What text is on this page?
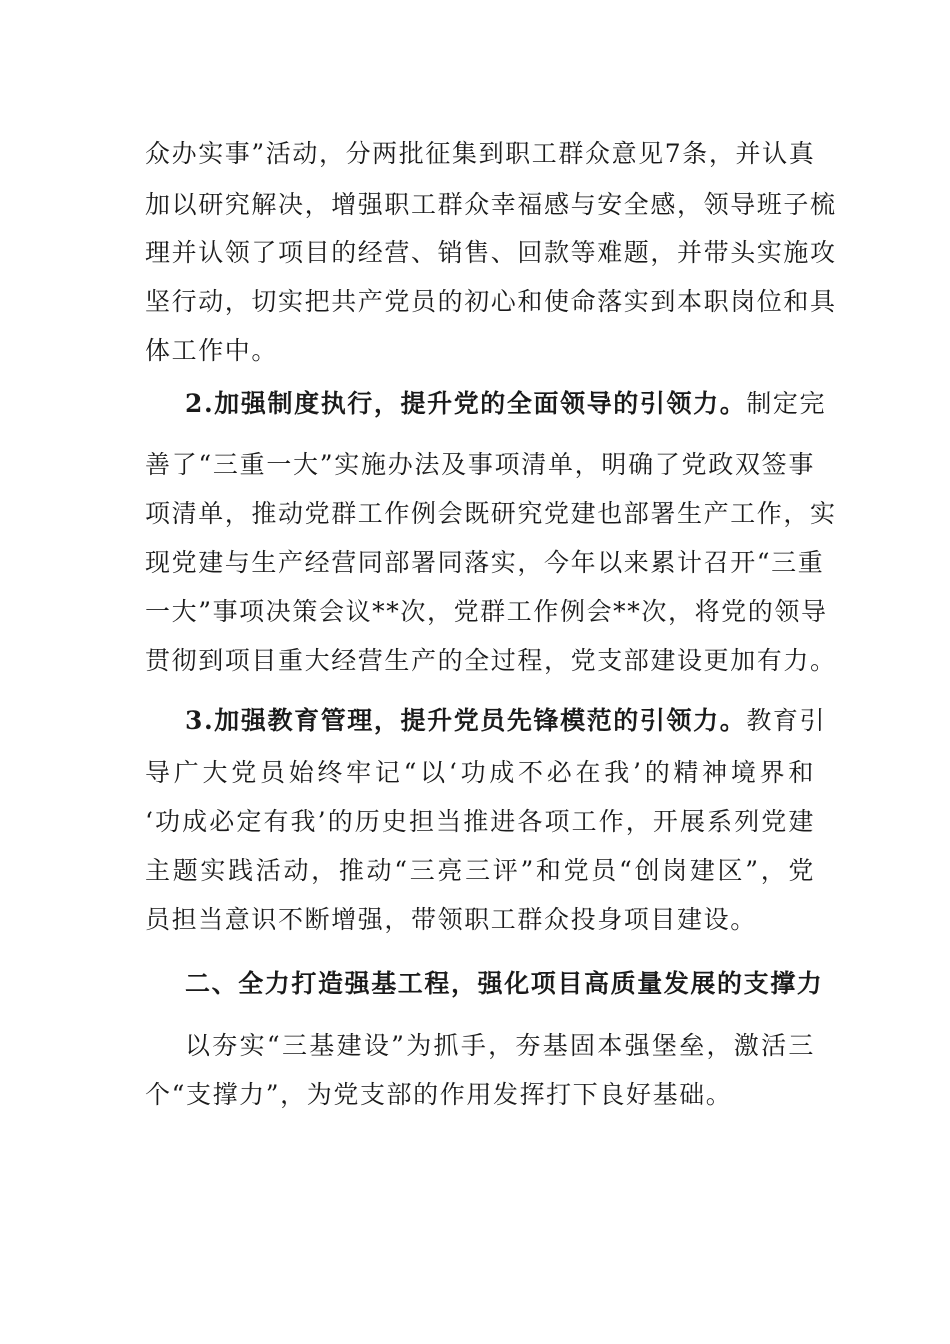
众办实事”活动，分两批征集到职工群众意见7条，并认真
加以研究解决，增强职工群众幸福感与安全感，领导班子梳
理并认领了项目的经营、销售、回款等难题，并带头实施攻
坚行动，切实把共产党员的初心和使命落实到本职岗位和具
体工作中。
2.加强制度执行，提升党的全面领导的引领力。制定完
善了“三重一大”实施办法及事项清单，明确了党政双签事
项清单，推动党群工作例会既研究党建也部署生产工作，实
现党建与生产经营同部署同落实，今年以来累计召开“三重
一大”事项决策会议**次，党群工作例会**次，将党的领导
贯彻到项目重大经营生产的全过程，党支部建设更加有力。
3.加强教育管理，提升党员先锋模范的引领力。教育引
导广大党员始终牢记“以‘功成不必在我’的精神境界和
‘功成必定有我’的历史担当推进各项工作，开展系列党建
主题实践活动，推动“三亮三评”和党员“创岗建区”，党
员担当意识不断增强，带领职工群众投身项目建设。
二、全力打造强基工程，强化项目高质量发展的支撑力
以夯实“三基建设”为抓手，夯基固本强堡垒，激活三
个“支撑力”，为党支部的作用发挥打下良好基础。
